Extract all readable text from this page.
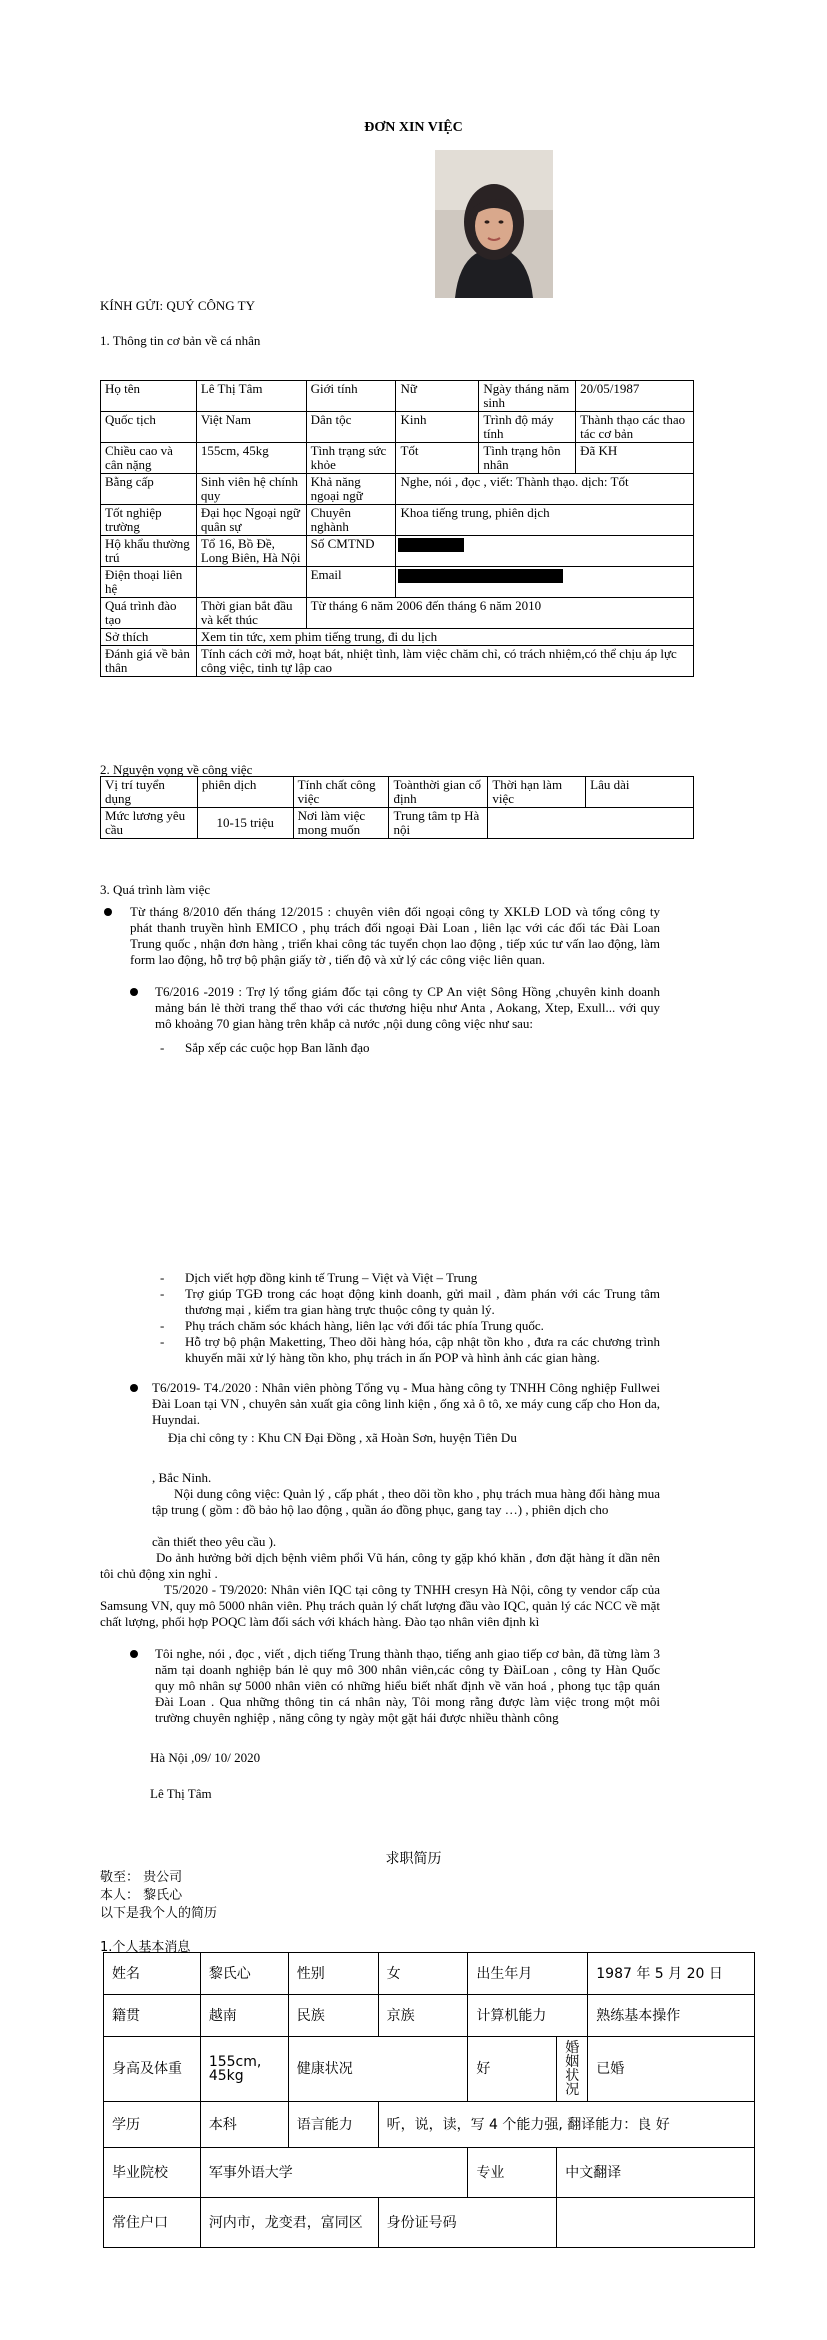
ĐƠN XIN VIỆC
KÍNH GỬI: QUÝ CÔNG TY
1. Thông tin cơ bản về cá nhân
Họ tên	Lê Thị Tâm	Giới tính	Nữ	Ngày tháng năm sinh	20/05/1987
Quốc tịch	Việt Nam	Dân tộc	Kinh	Trình độ máy tính	Thành thạo các thao tác cơ bản
Chiều cao và cân nặng	155cm, 45kg	Tình trạng sức khỏe	Tốt	Tình trạng hôn nhân	Đã KH
Bằng cấp	Sinh viên hệ chính quy	Khả năng ngoại ngữ	Nghe, nói , đọc , viết: Thành thạo. dịch: Tốt		
Tốt nghiệp trường	Đại học Ngoại ngữ quân sự	Chuyên nghành	Khoa tiếng trung, phiên dịch		
Hộ khẩu thường trú	Tổ 16, Bồ Đề, Long Biên, Hà Nội	Số CMTND			

Điện thoại liên hệ		Email			

Quá trình đào tạo	Thời gian bắt đầu và kết thúc	Từ tháng 6 năm 2006 đến tháng 6 năm 2010			
Sở thích	Xem tin tức, xem phim tiếng trung, đi du lịch				
Đánh giá về bản thân	Tính cách cởi mở, hoạt bát, nhiệt tình, làm việc chăm chỉ, có trách nhiệm,có thể chịu áp lực công việc, tinh tự lập cao				
2. Nguyện vọng về công việc
Vị trí tuyển dụng	phiên dịch	Tính chất công việc	Toànthời gian cố định	Thời hạn làm việc	Lâu dài
Mức lương yêu cầu	10-15 triệu	Nơi làm việc mong muốn	Trung tâm tp Hà nội		
3. Quá trình làm việc
Từ tháng 8/2010 đến tháng 12/2015 : chuyên viên đối ngoại công ty XKLĐ LOD và tổng công ty phát thanh truyền hình EMICO , phụ trách đối ngoại Đài Loan , liên lạc với các đối tác Đài Loan Trung quốc , nhận đơn hàng , triển khai công tác tuyển chọn lao động , tiếp xúc tư vấn lao động, làm form lao động, hỗ trợ bộ phận giấy tờ , tiến độ và xử lý các công việc liên quan.
T6/2016 -2019 : Trợ lý tổng giám đốc tại công ty CP An việt Sông Hồng ,chuyên kinh doanh mảng bán lẻ thời trang thể thao với các thương hiệu như Anta , Aokang, Xtep, Exull... với quy mô khoảng 70 gian hàng trên khắp cả nước ,nội dung công việc như sau:
- Sắp xếp các cuộc họp Ban lãnh đạo
- Dịch viết hợp đồng kinh tế Trung – Việt và Việt – Trung
- Trợ giúp TGĐ trong các hoạt động kinh doanh, gửi mail , đàm phán với các Trung tâm thương mại , kiểm tra gian hàng trực thuộc công ty quản lý.
- Phụ trách chăm sóc khách hàng, liên lạc với đối tác phía Trung quốc.
- Hỗ trợ bộ phận Maketting, Theo dõi hàng hóa, cập nhật tồn kho , đưa ra các chương trình khuyến mãi xử lý hàng tồn kho, phụ trách in ấn POP và hình ảnh các gian hàng.
T6/2019- T4./2020 : Nhân viên phòng Tổng vụ - Mua hàng công ty TNHH Công nghiệp Fullwei Đài Loan tại VN , chuyên sản xuất gia công linh kiện , ống xả ô tô, xe máy cung cấp cho Hon da, Huyndai.
Địa chỉ công ty : Khu CN Đại Đồng , xã Hoàn Sơn, huyện Tiên Du
, Bắc Ninh.
Nội dung công việc: Quản lý , cấp phát , theo dõi tồn kho , phụ trách mua hàng đối hàng mua tập trung ( gồm : đồ bảo hộ lao động , quần áo đồng phục, gang tay …) , phiên dịch cho
cần thiết theo yêu cầu ).
Do ảnh hưởng bởi dịch bệnh viêm phổi Vũ hán, công ty gặp khó khăn , đơn đặt hàng ít dần nên tôi chủ động xin nghỉ .
T5/2020 - T9/2020: Nhân viên IQC tại công ty TNHH cresyn Hà Nội, công ty vendor cấp của Samsung VN, quy mô 5000 nhân viên. Phụ trách quản lý chất lượng đầu vào IQC, quản lý các NCC về mặt chất lượng, phối hợp POQC làm đối sách với khách hàng. Đào tạo nhân viên định kì
Tôi nghe, nói , đọc , viết , dịch tiếng Trung thành thạo, tiếng anh giao tiếp cơ bản, đã từng làm 3 năm tại doanh nghiệp bán lẻ quy mô 300 nhân viên,các công ty ĐàiLoan , công ty Hàn Quốc quy mô nhân sự 5000 nhân viên có những hiểu biết nhất định về văn hoá , phong tục tập quán Đài Loan . Qua những thông tin cá nhân này, Tôi mong rằng được làm việc trong một môi trường chuyên nghiệp , năng công ty ngày một gặt hái được nhiều thành công
Hà Nội ,09/ 10/ 2020
Lê Thị Tâm
求职简历
敬至： 贵公司
本人： 黎氏心
以下是我个人的简历
1.个人基本消息
姓名	黎氏心	性别	女	出生年月		1987 年 5 月 20 日
籍贯	越南	民族	京族	计算机能力		熟练基本操作
身高及体重	155cm, 45kg	健康状况		好	婚姻状况	已婚
学历	本科	语言能力	听，说，读，写 4 个能力强, 翻译能力：良 好			
毕业院校	军事外语大学			专业	中文翻译	
常住户口	河内市，龙变君，富同区		身份证号码			
